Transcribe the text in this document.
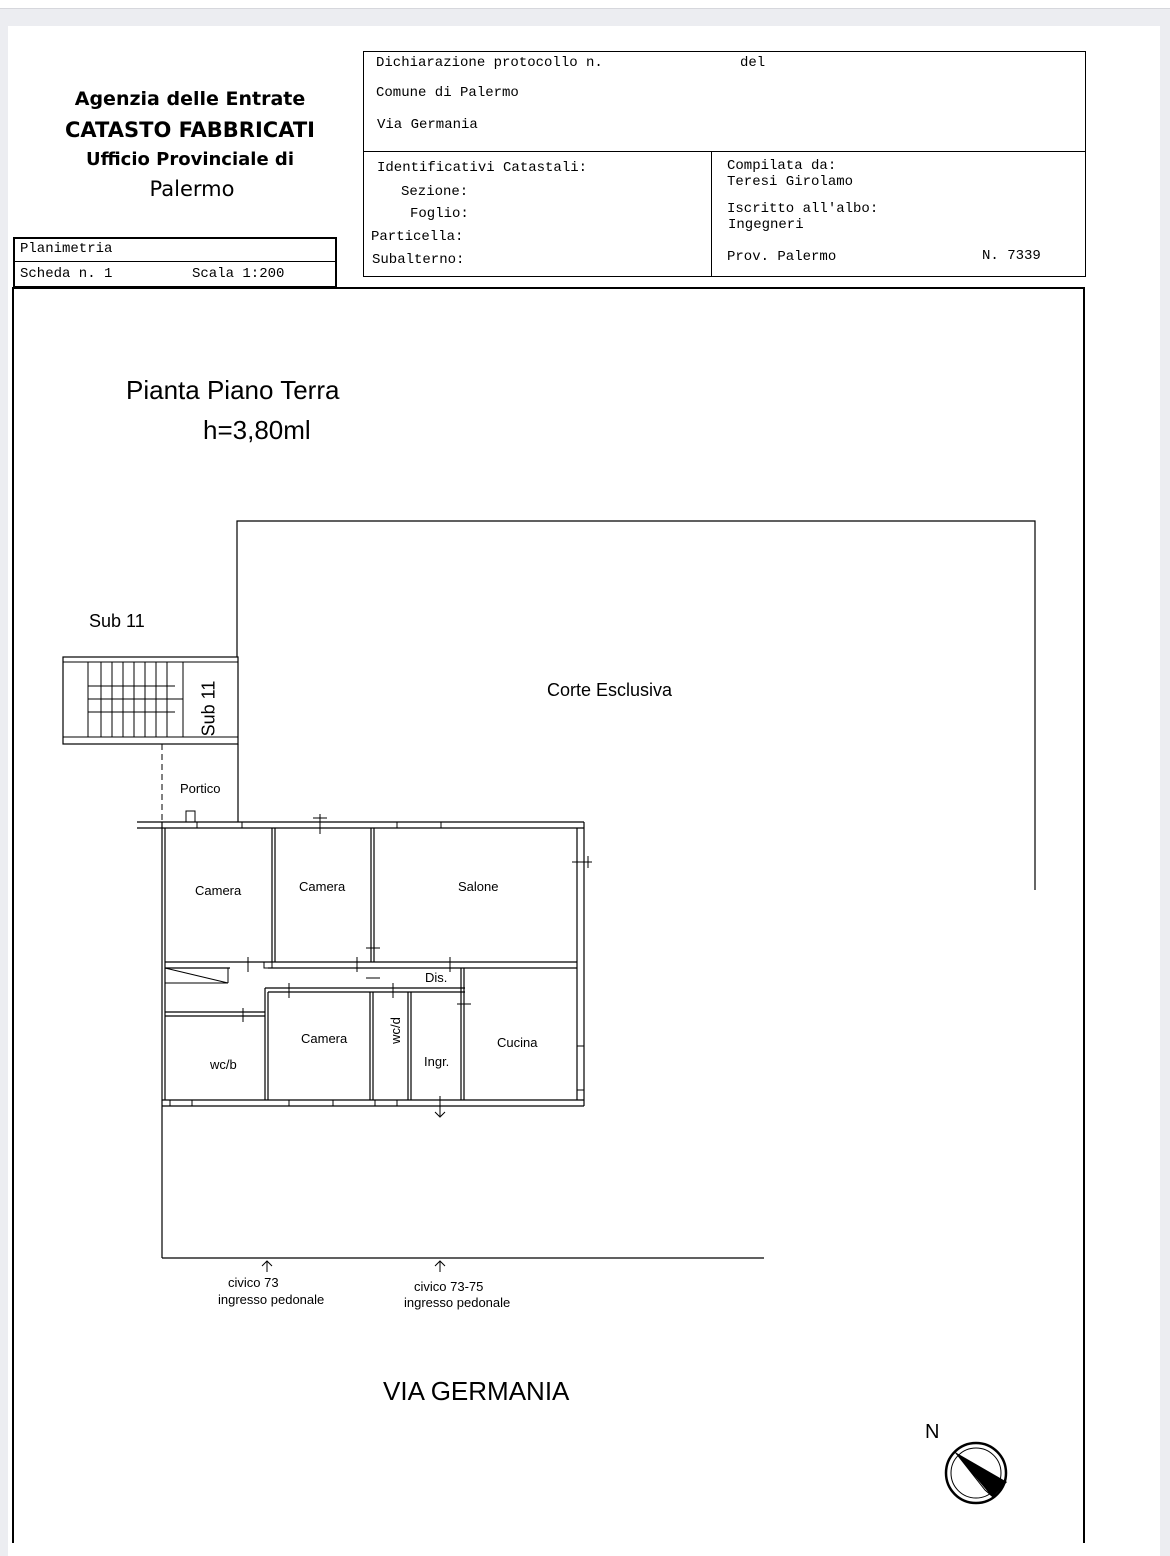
Agenzia delle Entrate
CATASTO FABBRICATI
Ufficio Provinciale di
Palermo
Planimetria
Scheda n. 1	Scala 1:200
Dichiarazione protocollo n.	del
Comune di Palermo
Via Germania
Identificativi Catastali:
Sezione:
Foglio:
Particella:
Subalterno:
Compilata da:
Teresi Girolamo
Iscritto all'albo:
Ingegneri
Prov. Palermo	N. 7339
Pianta Piano Terra
h=3,80ml
Sub 11
Sub 11	Corte Esclusiva
Portico
Camera	Camera	Salone
Dis.
wc/b
Camera	wc/d
Ingr.
Cucina
civico 73
ingresso pedonale
civico 73-75
ingresso pedonale
VIA GERMANIA
N
